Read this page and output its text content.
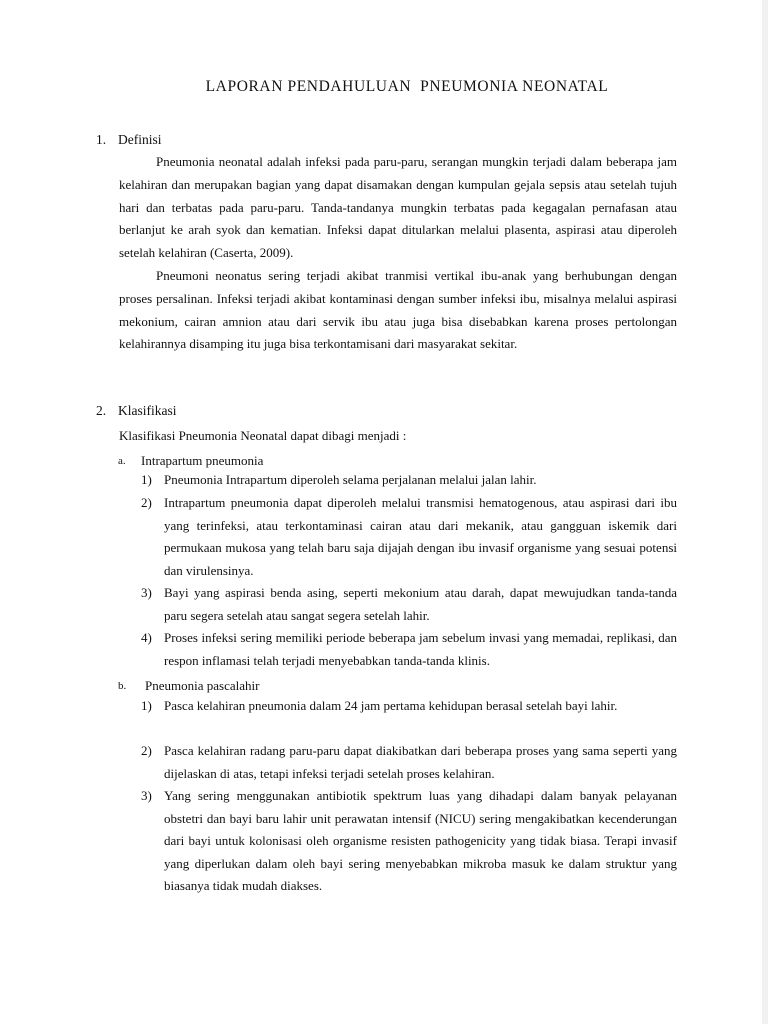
LAPORAN PENDAHULUAN  PNEUMONIA NEONATAL
1. Definisi
Pneumonia neonatal adalah infeksi pada paru-paru, serangan mungkin terjadi dalam beberapa jam kelahiran dan merupakan bagian yang dapat disamakan dengan kumpulan gejala sepsis atau setelah tujuh hari dan terbatas pada paru-paru. Tanda-tandanya mungkin terbatas pada kegagalan pernafasan atau berlanjut ke arah syok dan kematian. Infeksi dapat ditularkan melalui plasenta, aspirasi atau diperoleh setelah kelahiran (Caserta, 2009).
Pneumoni neonatus sering terjadi akibat tranmisi vertikal ibu-anak yang berhubungan dengan proses persalinan. Infeksi terjadi akibat kontaminasi dengan sumber infeksi ibu, misalnya melalui aspirasi mekonium, cairan amnion atau dari servik ibu atau juga bisa disebabkan karena proses pertolongan kelahirannya disamping itu juga bisa terkontamisani dari masyarakat sekitar.
2. Klasifikasi
Klasifikasi Pneumonia Neonatal dapat dibagi menjadi :
a. Intrapartum pneumonia
1) Pneumonia Intrapartum diperoleh selama perjalanan melalui jalan lahir.
2) Intrapartum pneumonia dapat diperoleh melalui transmisi hematogenous, atau aspirasi dari ibu yang terinfeksi, atau terkontaminasi cairan atau dari mekanik, atau gangguan iskemik dari permukaan mukosa yang telah baru saja dijajah dengan ibu invasif organisme yang sesuai potensi dan virulensinya.
3) Bayi yang aspirasi benda asing, seperti mekonium atau darah, dapat mewujudkan tanda-tanda paru segera setelah atau sangat segera setelah lahir.
4) Proses infeksi sering memiliki periode beberapa jam sebelum invasi yang memadai, replikasi, dan respon inflamasi telah terjadi menyebabkan tanda-tanda klinis.
b. Pneumonia pascalahir
1) Pasca kelahiran pneumonia dalam 24 jam pertama kehidupan berasal setelah bayi lahir.
2) Pasca kelahiran radang paru-paru dapat diakibatkan dari beberapa proses yang sama seperti yang dijelaskan di atas, tetapi infeksi terjadi setelah proses kelahiran.
3) Yang sering menggunakan antibiotik spektrum luas yang dihadapi dalam banyak pelayanan obstetri dan bayi baru lahir unit perawatan intensif (NICU) sering mengakibatkan kecenderungan dari bayi untuk kolonisasi oleh organisme resisten pathogenicity yang tidak biasa. Terapi invasif yang diperlukan dalam oleh bayi sering menyebabkan mikroba masuk ke dalam struktur yang biasanya tidak mudah diakses.
